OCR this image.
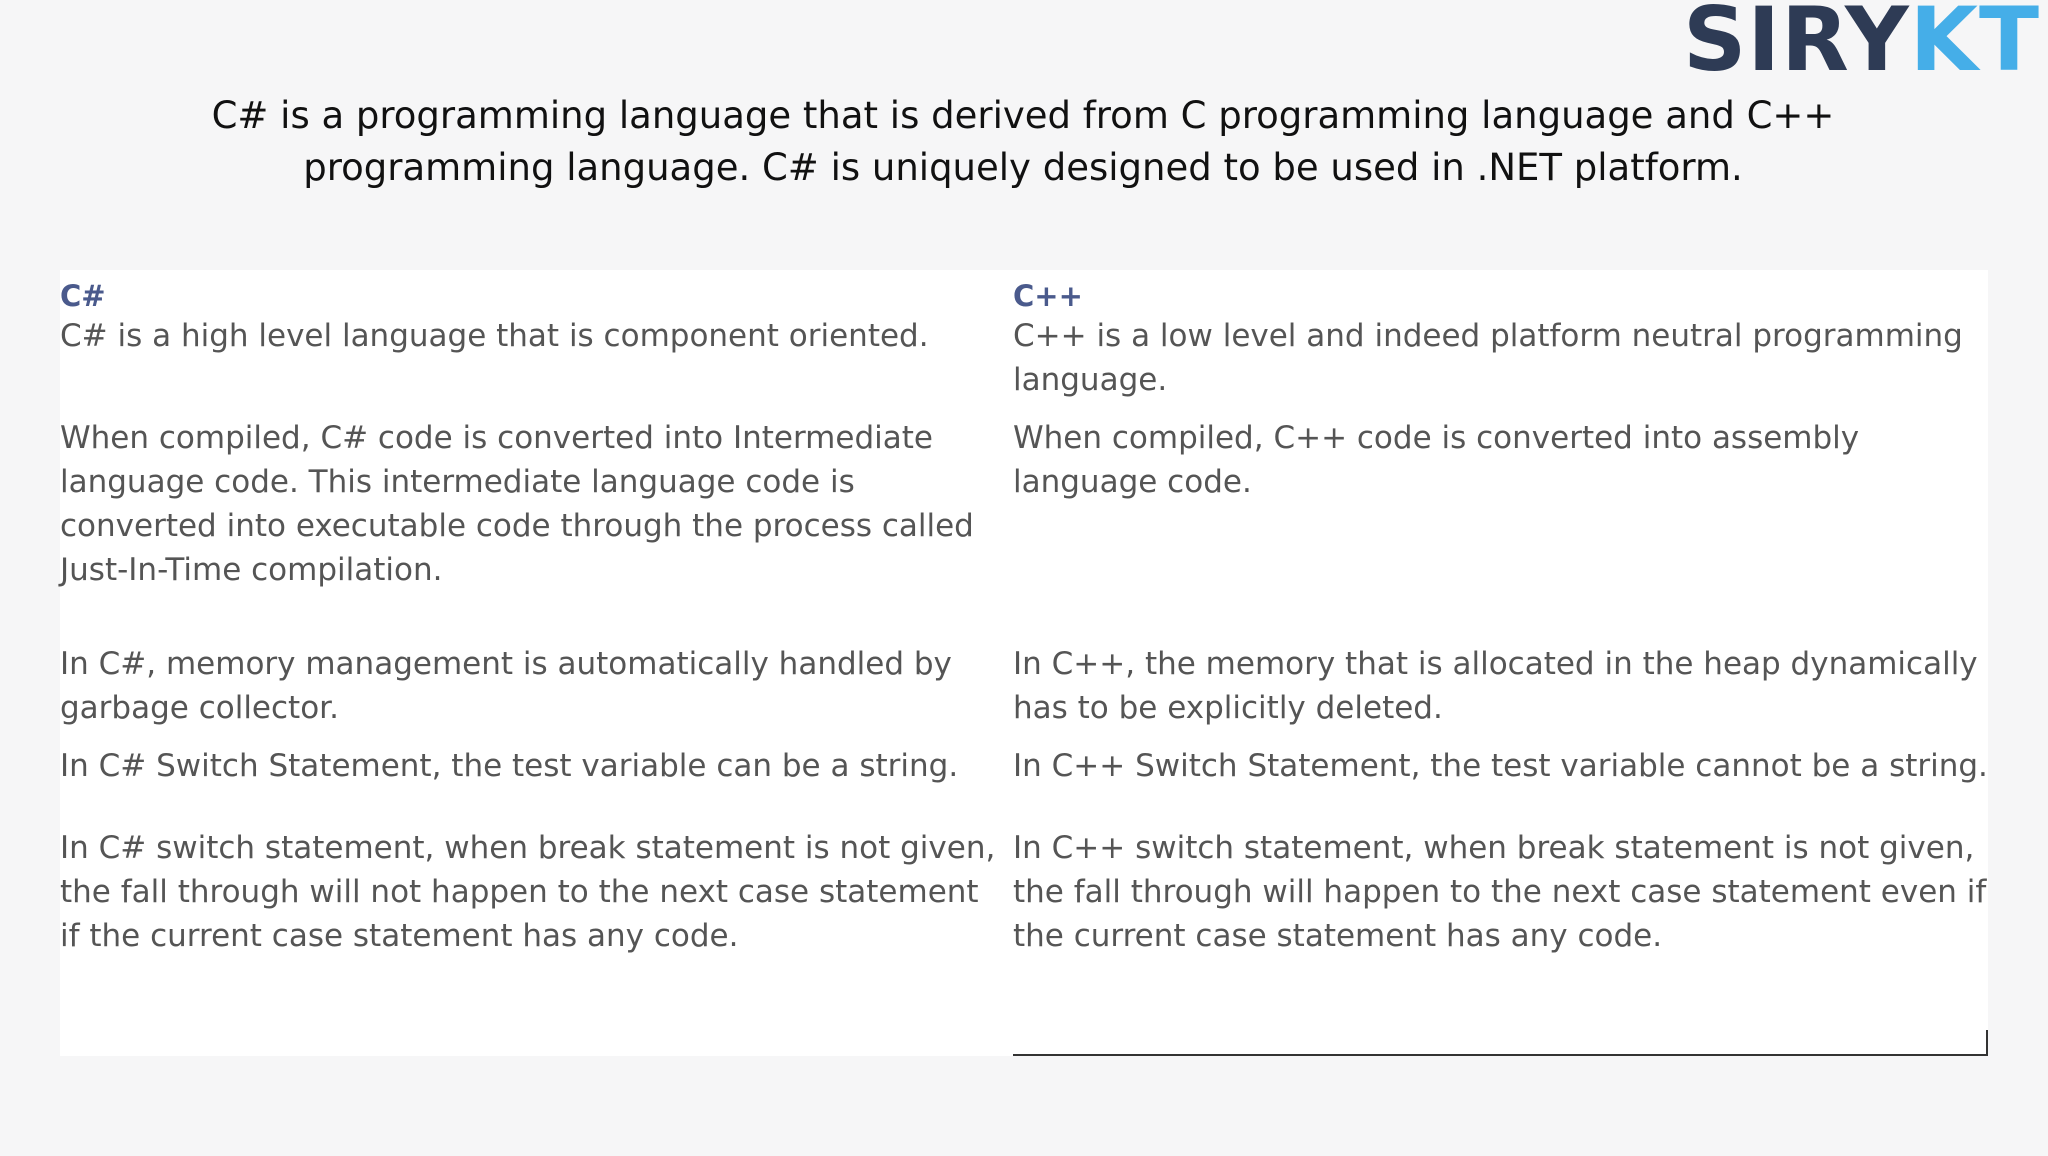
SIRYKT
C# is a programming language that is derived from C programming language and C++ programming language. C# is uniquely designed to be used in .NET platform.
C#
C# is a high level language that is component oriented.
When compiled, C# code is converted into Intermediate language code. This intermediate language code is converted into executable code through the process called Just-In-Time compilation.
In C#, memory management is automatically handled by garbage collector.
In C# Switch Statement, the test variable can be a string.
In C# switch statement, when break statement is not given, the fall through will not happen to the next case statement if the current case statement has any code.
C++
C++ is a low level and indeed platform neutral programming language.
When compiled, C++ code is converted into assembly language code.
In C++, the memory that is allocated in the heap dynamically has to be explicitly deleted.
In C++ Switch Statement, the test variable cannot be a string.
In C++ switch statement, when break statement is not given, the fall through will happen to the next case statement even if the current case statement has any code.
